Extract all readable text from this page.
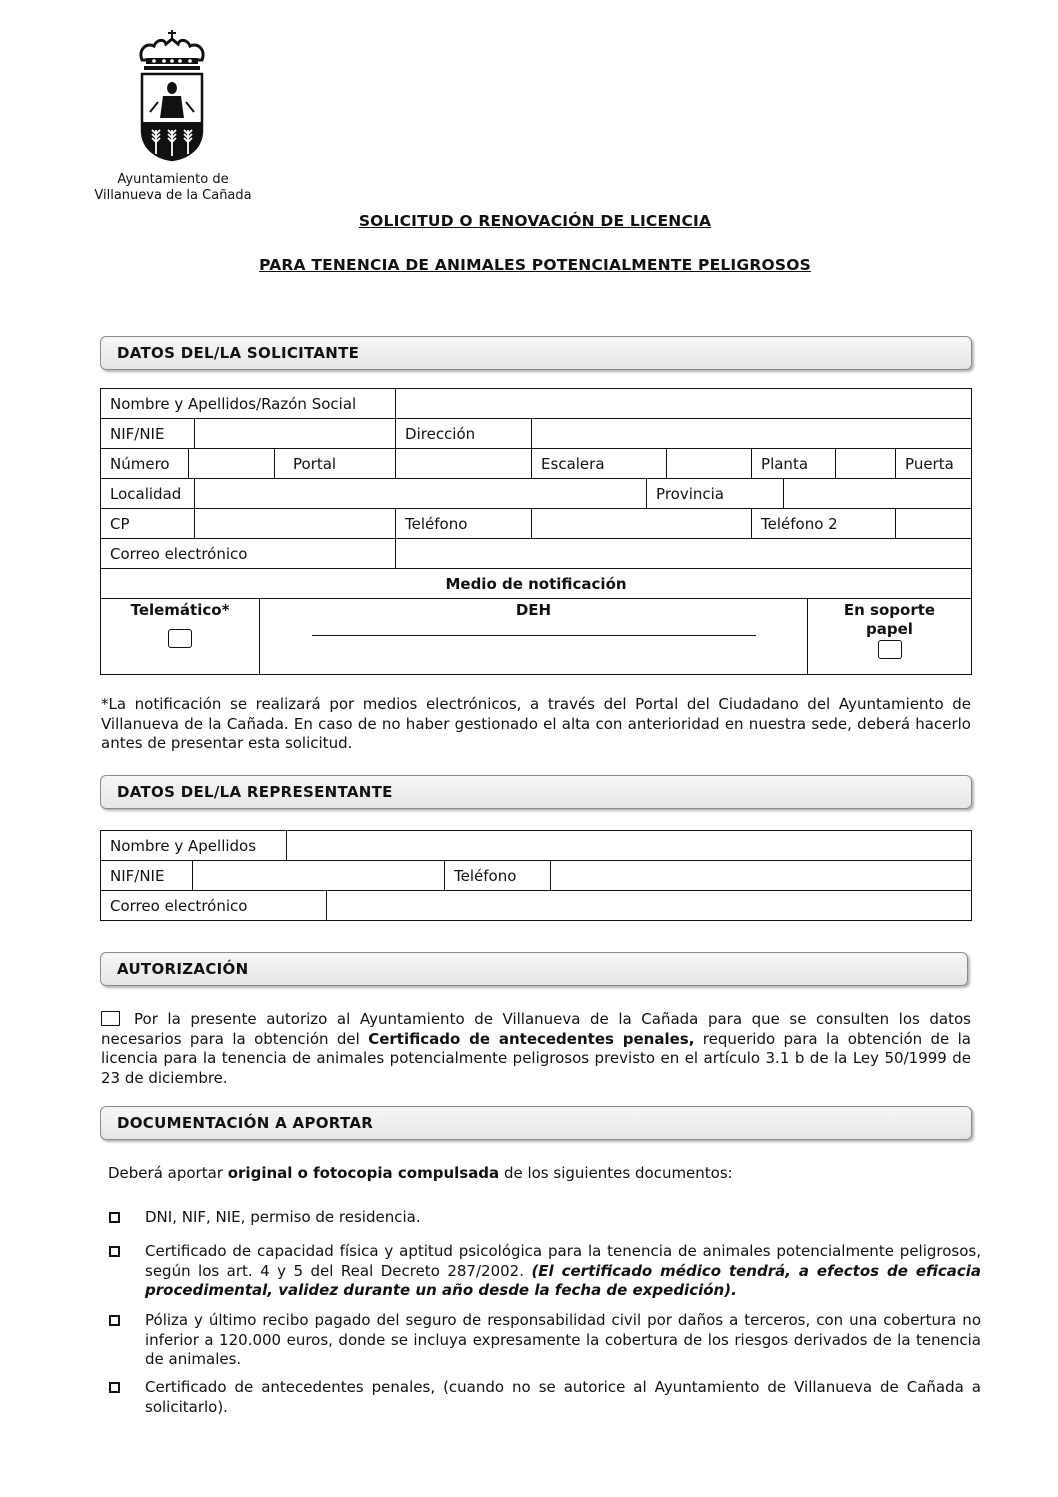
Ayuntamiento de
Villanueva de la Cañada
SOLICITUD O RENOVACIÓN DE LICENCIA
PARA TENENCIA DE ANIMALES POTENCIALMENTE PELIGROSOS
DATOS DEL/LA SOLICITANTE
Nombre y Apellidos/Razón Social											
NIF/NIE				Dirección							
Número			Portal		Escalera			Planta			Puerta
Localidad						Provincia					
CP				Teléfono				Teléfono 2			
Correo electrónico											
Medio de notificación											
Telemático*	DEH	En soporte
papel
*La notificación se realizará por medios electrónicos, a través del Portal del Ciudadano del Ayuntamiento de Villanueva de la Cañada. En caso de no haber gestionado el alta con anterioridad en nuestra sede, deberá hacerlo antes de presentar esta solicitud.
DATOS DEL/LA REPRESENTANTE
Nombre y Apellidos					
NIF/NIE				Teléfono	
Correo electrónico					
AUTORIZACIÓN
Por la presente autorizo al Ayuntamiento de Villanueva de la Cañada para que se consulten los datos necesarios para la obtención del Certificado de antecedentes penales, requerido para la obtención de la licencia para la tenencia de animales potencialmente peligrosos previsto en el artículo 3.1 b de la Ley 50/1999 de 23 de diciembre.
DOCUMENTACIÓN A APORTAR
Deberá aportar original o fotocopia compulsada de los siguientes documentos:
DNI, NIF, NIE, permiso de residencia.
Certificado de capacidad física y aptitud psicológica para la tenencia de animales potencialmente peligrosos, según los art. 4 y 5 del Real Decreto 287/2002. (El certificado médico tendrá, a efectos de eficacia procedimental, validez durante un año desde la fecha de expedición).
Póliza y último recibo pagado del seguro de responsabilidad civil por daños a terceros, con una cobertura no inferior a 120.000 euros, donde se incluya expresamente la cobertura de los riesgos derivados de la tenencia de animales.
Certificado de antecedentes penales, (cuando no se autorice al Ayuntamiento de Villanueva de Cañada a solicitarlo).
